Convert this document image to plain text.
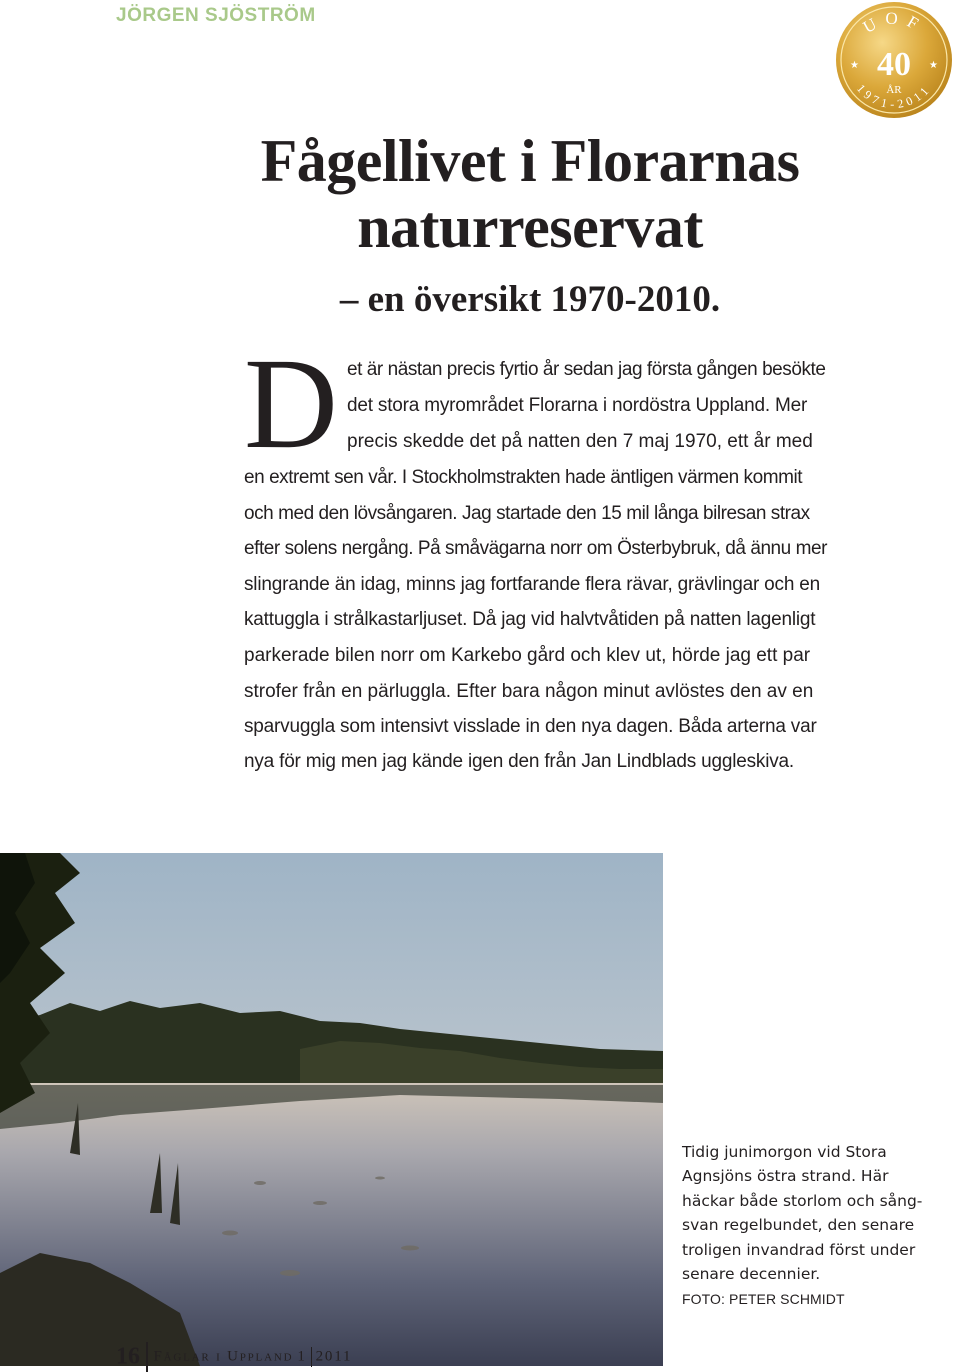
JÖRGEN SJÖSTRÖM	UOF
40
ÅR
★	★
1971-2011
Fågellivet i Florarnas
naturreservat
– en översikt 1970-2010.
D et är nästan precis fyrtio år sedan jag första gången besökte
det stora myrområdet Florarna i nordöstra Uppland. Mer
precis skedde det på natten den 7 maj 1970, ett år med
en extremt sen vår. I Stockholmstrakten hade äntligen värmen kommit
och med den lövsångaren. Jag startade den 15 mil långa bilresan strax
efter solens nergång. På småvägarna norr om Österbybruk, då ännu mer
slingrande än idag, minns jag fortfarande flera rävar, grävlingar och en
kattuggla i strålkastarljuset. Då jag vid halvtvåtiden på natten lagenligt
parkerade bilen norr om Karkebo gård och klev ut, hörde jag ett par
strofer från en pärluggla. Efter bara någon minut avlöstes den av en
sparvuggla som intensivt visslade in den nya dagen. Båda arterna var
nya för mig men jag kände igen den från Jan Lindblads uggleskiva.
Tidig junimorgon vid Stora
Agnsjöns östra strand. Här
häckar både storlom och sång-
svan regelbundet, den senare
troligen invandrad först under
senare decennier.
FOTO: PETER SCHMIDT
16 Fåglar i Uppland 1 2011
